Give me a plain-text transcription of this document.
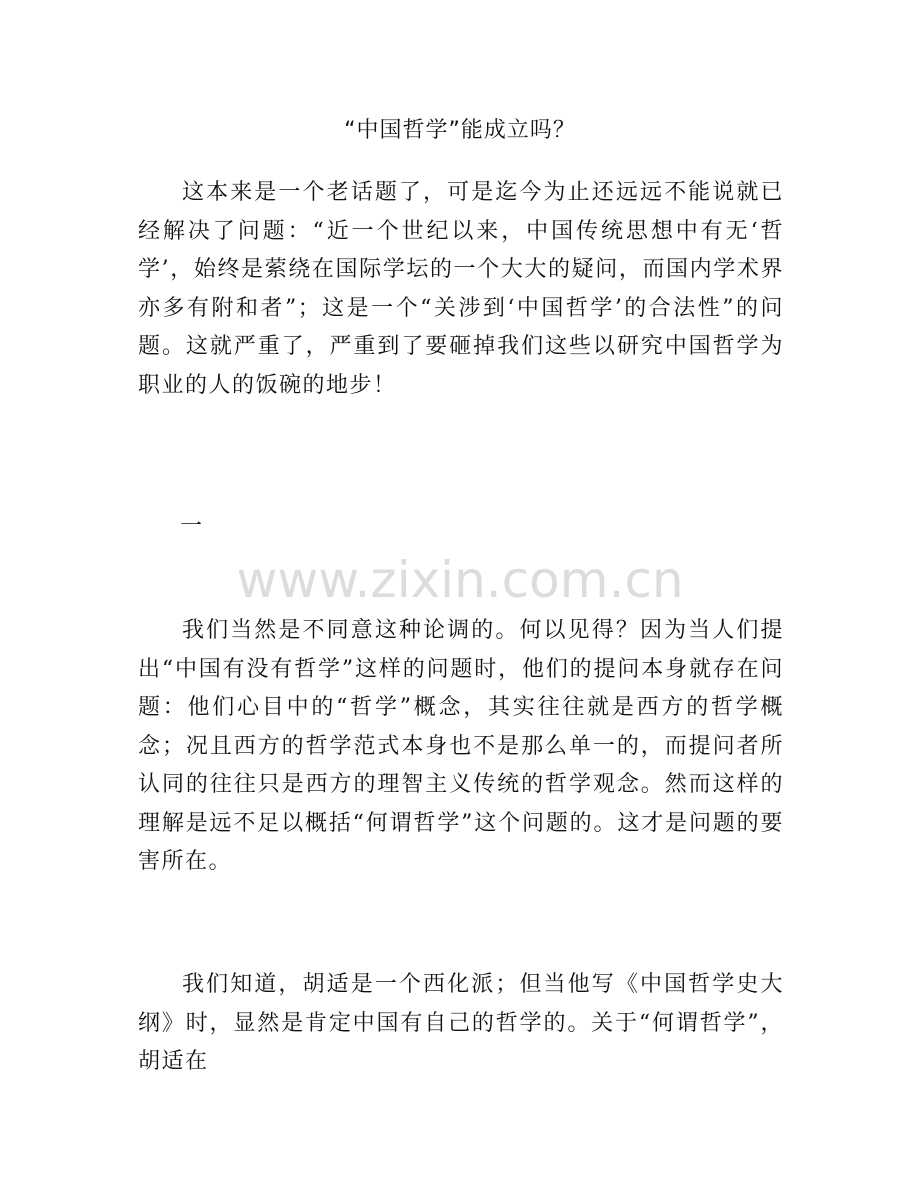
“中国哲学”能成立吗？

这本来是一个老话题了，可是迄今为止还远远不能说就已经解决了问题：“近一个世纪以来，中国传统思想中有无‘哲学’，始终是萦绕在国际学坛的一个大大的疑问，而国内学术界亦多有附和者”；这是一个“关涉到‘中国哲学’的合法性”的问题。这就严重了，严重到了要砸掉我们这些以研究中国哲学为职业的人的饭碗的地步！

一
www.zixin.com.cn

我们当然是不同意这种论调的。何以见得？因为当人们提出“中国有没有哲学”这样的问题时，他们的提问本身就存在问题：他们心目中的“哲学”概念，其实往往就是西方的哲学概念；况且西方的哲学范式本身也不是那么单一的，而提问者所认同的往往只是西方的理智主义传统的哲学观念。然而这样的理解是远不足以概括“何谓哲学”这个问题的。这才是问题的要害所在。

我们知道，胡适是一个西化派；但当他写《中国哲学史大纲》时，显然是肯定中国有自己的哲学的。关于“何谓哲学”，胡适在
